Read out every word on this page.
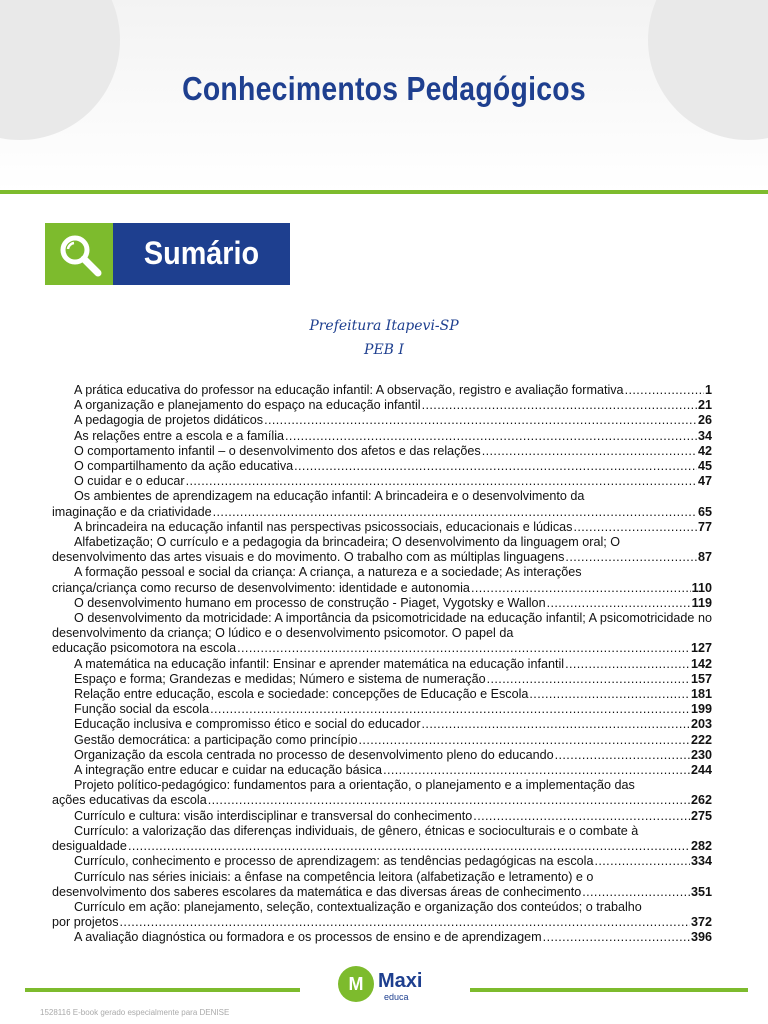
Conhecimentos Pedagógicos
Sumário
Prefeitura Itapevi-SP
PEB I
A prática educativa do professor na educação infantil: A observação, registro e avaliação formativa .....	1
A organização e planejamento do espaço na educação infantil .....	21
A pedagogia de projetos didáticos .....	26
As relações entre a escola e a família .....	34
O comportamento infantil – o desenvolvimento dos afetos e das relações .....	42
O compartilhamento da ação educativa .....	45
O cuidar e o educar .....	47

Os ambientes de aprendizagem na educação infantil: A brincadeira e o desenvolvimento da

imaginação e da criatividade .....	65
A brincadeira na educação infantil nas perspectivas psicossociais, educacionais e lúdicas .....	77

Alfabetização; O currículo e a pedagogia da brincadeira; O desenvolvimento da linguagem oral; O

desenvolvimento das artes visuais e do movimento. O trabalho com as múltiplas linguagens .....	87

A formação pessoal e social da criança: A criança, a natureza e a sociedade; As interações

criança/criança como recurso de desenvolvimento: identidade e autonomia .....	110
O desenvolvimento humano em processo de construção - Piaget, Vygotsky e Wallon .....	119

O desenvolvimento da motricidade: A importância da psicomotricidade na educação infantil; A psicomotricidade no desenvolvimento da criança; O lúdico e o desenvolvimento psicomotor. O papel da

educação psicomotora na escola .....	127
A matemática na educação infantil: Ensinar e aprender matemática na educação infantil .....	142
Espaço e forma; Grandezas e medidas; Número e sistema de numeração .....	157
Relação entre educação, escola e sociedade: concepções de Educação e Escola .....	181
Função social da escola .....	199
Educação inclusiva e compromisso ético e social do educador .....	203
Gestão democrática: a participação como princípio .....	222
Organização da escola centrada no processo de desenvolvimento pleno do educando .....	230
A integração entre educar e cuidar na educação básica .....	244

Projeto político-pedagógico: fundamentos para a orientação, o planejamento e a implementação das

ações educativas da escola .....	262
Currículo e cultura: visão interdisciplinar e transversal do conhecimento .....	275

Currículo: a valorização das diferenças individuais, de gênero, étnicas e socioculturais e o combate à

desigualdade .....	282
Currículo, conhecimento e processo de aprendizagem: as tendências pedagógicas na escola .....	334

Currículo nas séries iniciais: a ênfase na competência leitora (alfabetização e letramento) e o

desenvolvimento dos saberes escolares da matemática e das diversas áreas de conhecimento .....	351

Currículo em ação: planejamento, seleção, contextualização e organização dos conteúdos; o trabalho

por projetos .....	372
A avaliação diagnóstica ou formadora e os processos de ensino e de aprendizagem .....	396
M Maxi
educa
1528116 E-book gerado especialmente para DENISE
